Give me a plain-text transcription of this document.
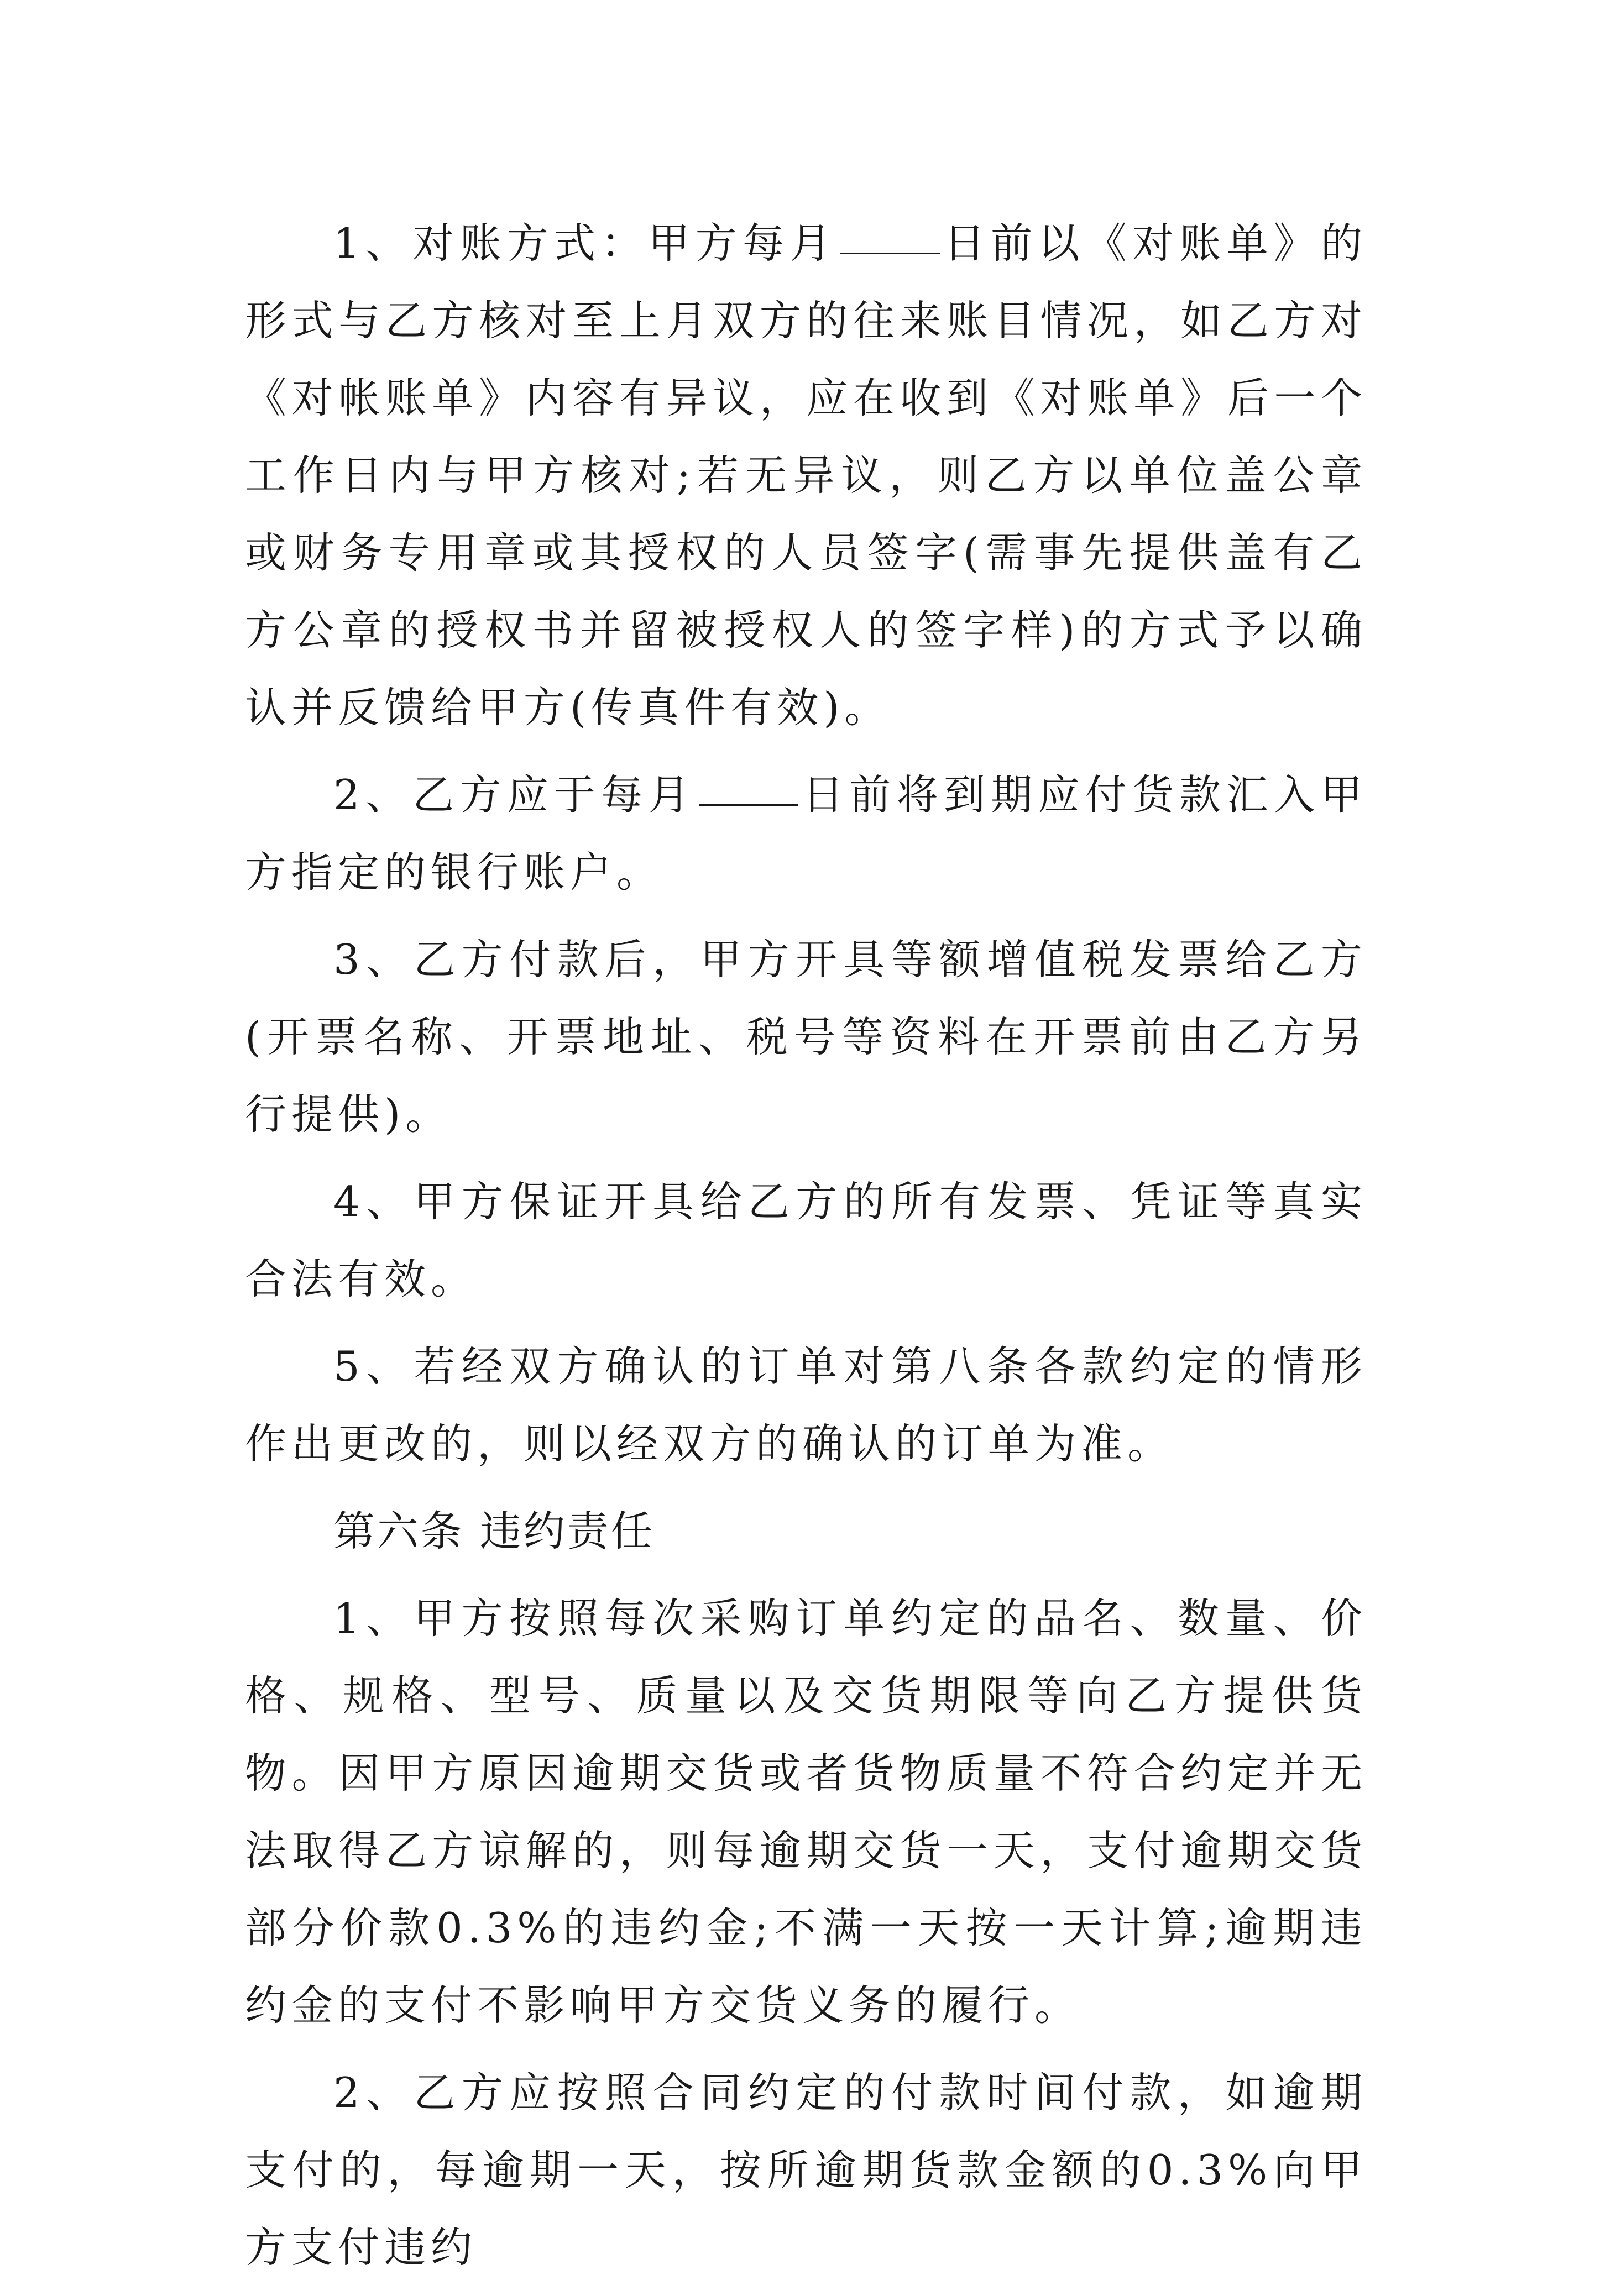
1、对账方式：甲方每月	日前以《对账单》的形式与乙方核对至上月双方的往来账目情况，如乙方对《对帐账单》内容有异议，应在收到《对账单》后一个工作日内与甲方核对;若无异议，则乙方以单位盖公章或财务专用章或其授权的人员签字(需事先提供盖有乙方公章的授权书并留被授权人的签字样)的方式予以确认并反馈给甲方(传真件有效)。

2、乙方应于每月	日前将到期应付货款汇入甲方指定的银行账户。

3、乙方付款后，甲方开具等额增值税发票给乙方(开票名称、开票地址、税号等资料在开票前由乙方另行提供)。

4、甲方保证开具给乙方的所有发票、凭证等真实合法有效。

5、若经双方确认的订单对第八条各款约定的情形作出更改的，则以经双方的确认的订单为准。

第六条 违约责任

1、甲方按照每次采购订单约定的品名、数量、价格、规格、型号、质量以及交货期限等向乙方提供货物。因甲方原因逾期交货或者货物质量不符合约定并无法取得乙方谅解的，则每逾期交货一天，支付逾期交货部分价款0.3%的违约金;不满一天按一天计算;逾期违约金的支付不影响甲方交货义务的履行。

2、乙方应按照合同约定的付款时间付款，如逾期支付的，每逾期一天，按所逾期货款金额的0.3%向甲方支付违约
